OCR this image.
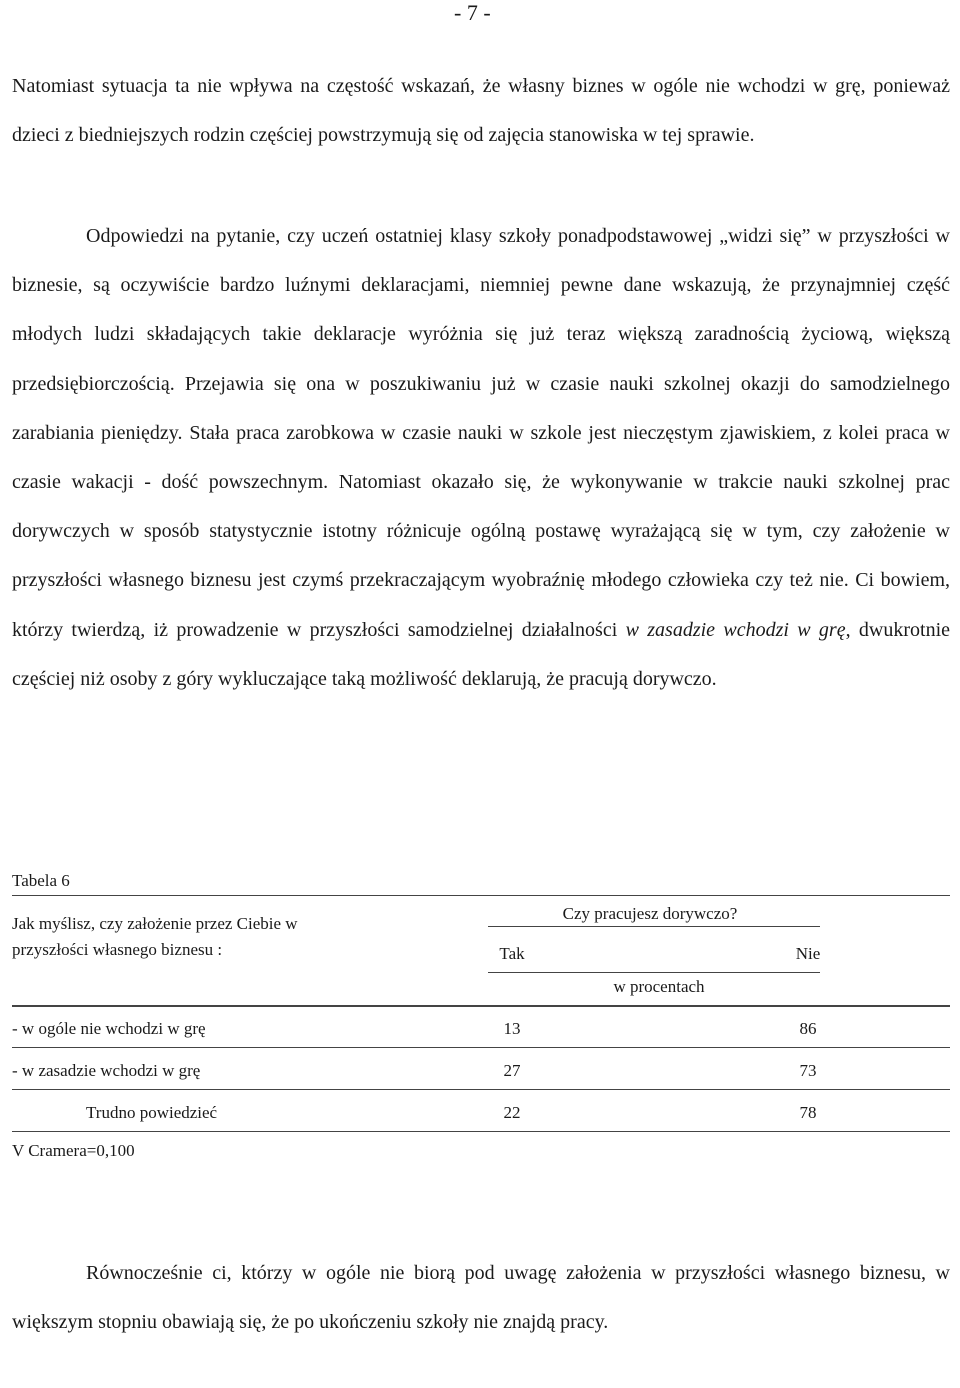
- 7 -

Natomiast sytuacja ta nie wpływa na częstość wskazań, że własny biznes w ogóle nie wchodzi w grę, ponieważ dzieci z biedniejszych rodzin częściej powstrzymują się od zajęcia stanowiska w tej sprawie.

Odpowiedzi na pytanie, czy uczeń ostatniej klasy szkoły ponadpodstawowej „widzi się” w przyszłości w biznesie, są oczywiście bardzo luźnymi deklaracjami, niemniej pewne dane wskazują, że przynajmniej część młodych ludzi składających takie deklaracje wyróżnia się już teraz większą zaradnością życiową, większą przedsiębiorczością. Przejawia się ona w poszukiwaniu już w czasie nauki szkolnej okazji do samodzielnego zarabiania pieniędzy. Stała praca zarobkowa w czasie nauki w szkole jest nieczęstym zjawiskiem, z kolei praca w czasie wakacji - dość powszechnym. Natomiast okazało się, że wykonywanie w trakcie nauki szkolnej prac dorywczych w sposób statystycznie istotny różnicuje ogólną postawę wyrażającą się w tym, czy założenie w przyszłości własnego biznesu jest czymś przekraczającym wyobraźnię młodego człowieka czy też nie. Ci bowiem, którzy twierdzą, iż prowadzenie w przyszłości samodzielnej działalności w zasadzie wchodzi w grę, dwukrotnie częściej niż osoby z góry wykluczające taką możliwość deklarują, że pracują dorywczo.

Tabela 6
Jak myślisz, czy założenie przez Ciebie w przyszłości własnego biznesu :
Czy pracujesz dorywczo?
Tak	Nie
w procentach
- w ogóle nie wchodzi w grę	13	86
- w zasadzie wchodzi w grę	27	73
Trudno powiedzieć	22	78
V Cramera=0,100

Równocześnie ci, którzy w ogóle nie biorą pod uwagę założenia w przyszłości własnego biznesu, w większym stopniu obawiają się, że po ukończeniu szkoły nie znajdą pracy.
